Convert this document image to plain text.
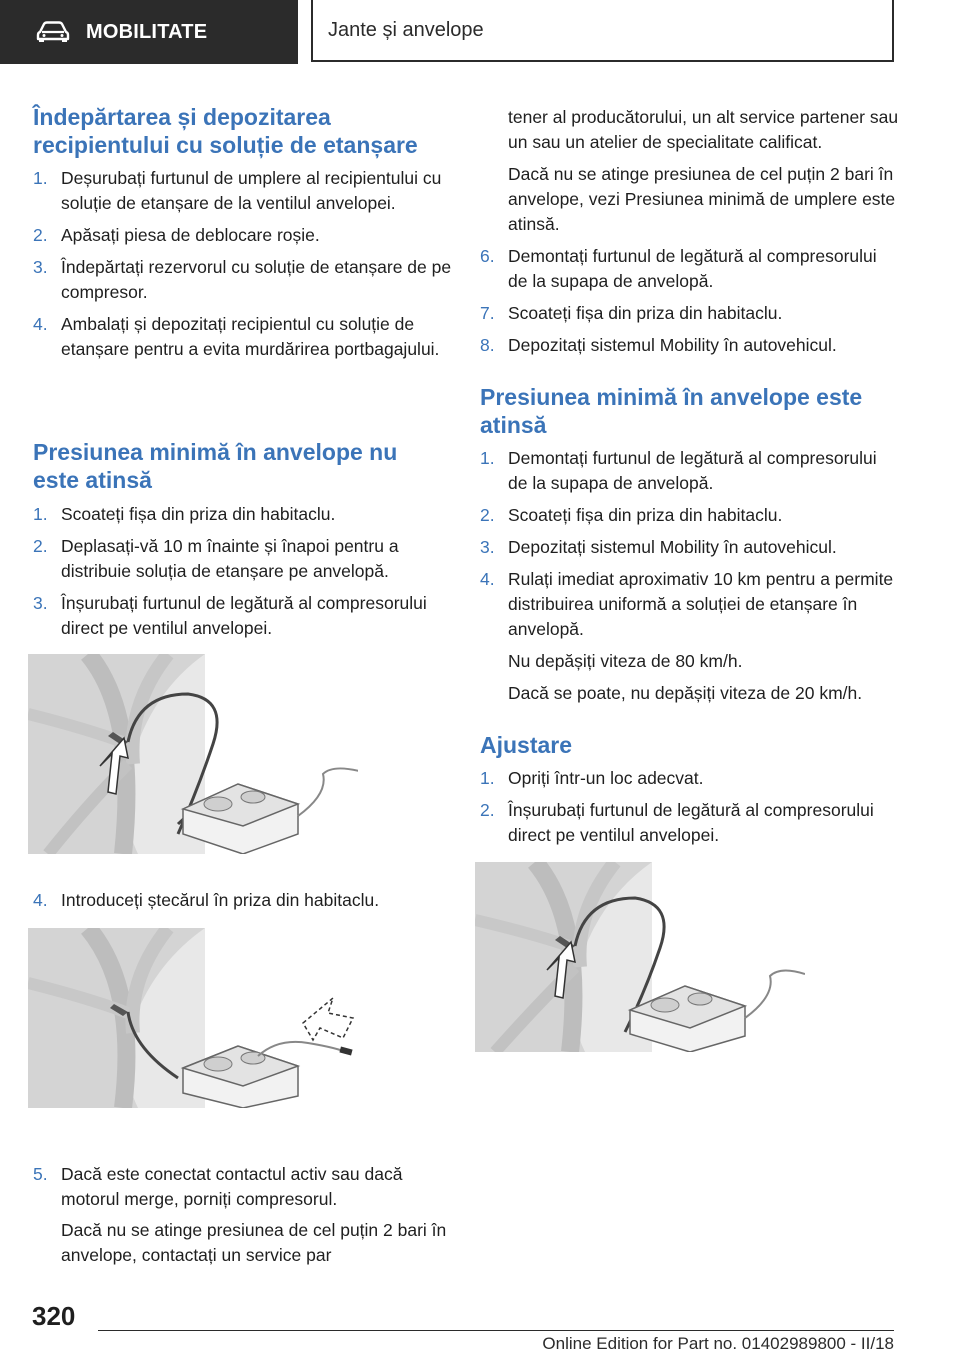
MOBILITATE	Jante și anvelope
Îndepărtarea și depozitarea recipientului cu soluție de etanșare
1. Deșurubați furtunul de umplere al recipientului cu soluție de etanșare de la ventilul anvelopei.
2. Apăsați piesa de deblocare roșie.
3. Îndepărtați rezervorul cu soluție de etanșare de pe compresor.
4. Ambalați și depozitați recipientul cu soluție de etanșare pentru a evita murdărirea portbagajului.
Presiunea minimă în anvelope nu este atinsă
1. Scoateți fișa din priza din habitaclu.
2. Deplasați-vă 10 m înainte și înapoi pentru a distribuie soluția de etanșare pe anvelopă.
3. Înșurubați furtunul de legătură al compresorului direct pe ventilul anvelopei.
4. Introduceți ștecărul în priza din habitaclu.
5. Dacă este conectat contactul activ sau dacă motorul merge, porniți compresorul.
Dacă nu se atinge presiunea de cel puțin 2 bari în anvelope, contactați un service par
tener al producătorului, un alt service partener sau un sau un atelier de specialitate calificat.
Dacă nu se atinge presiunea de cel puțin 2 bari în anvelope, vezi Presiunea minimă de umplere este atinsă.
6. Demontați furtunul de legătură al compresorului de la supapa de anvelopă.
7. Scoateți fișa din priza din habitaclu.
8. Depozitați sistemul Mobility în autovehicul.
Presiunea minimă în anvelope este atinsă
1. Demontați furtunul de legătură al compresorului de la supapa de anvelopă.
2. Scoateți fișa din priza din habitaclu.
3. Depozitați sistemul Mobility în autovehicul.
4. Rulați imediat aproximativ 10 km pentru a permite distribuirea uniformă a soluției de etanșare în anvelopă.
Nu depășiți viteza de 80 km/h.
Dacă se poate, nu depășiți viteza de 20 km/h.
Ajustare
1. Opriți într-un loc adecvat.
2. Înșurubați furtunul de legătură al compresorului direct pe ventilul anvelopei.
320
Online Edition for Part no. 01402989800 - II/18
